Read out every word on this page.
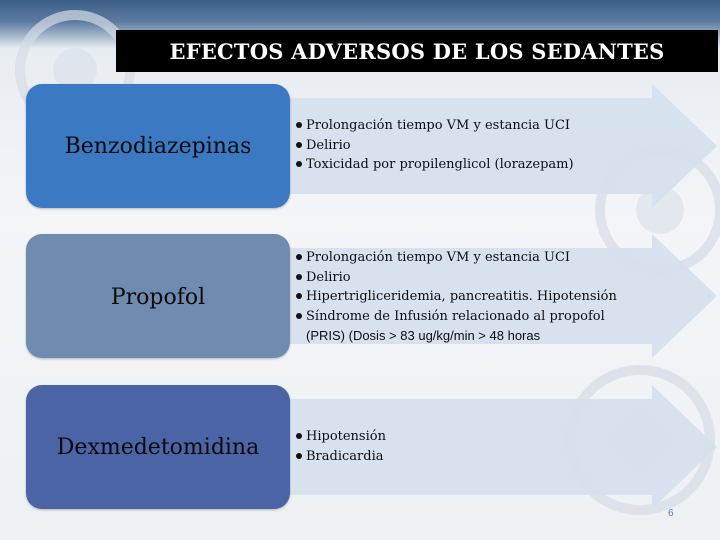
EFECTOS ADVERSOS DE LOS SEDANTES
Benzodiazepinas
Prolongación tiempo VM y estancia UCI
Delirio
Toxicidad por propilenglicol (lorazepam)
Propofol
Prolongación tiempo VM y estancia UCI
Delirio
Hipertrigliceridemia, pancreatitis. Hipotensión
Síndrome de Infusión relacionado al propofol
(PRIS) (Dosis > 83 ug/kg/min > 48 horas
Dexmedetomidina	Hipotensión
Bradicardia
6
